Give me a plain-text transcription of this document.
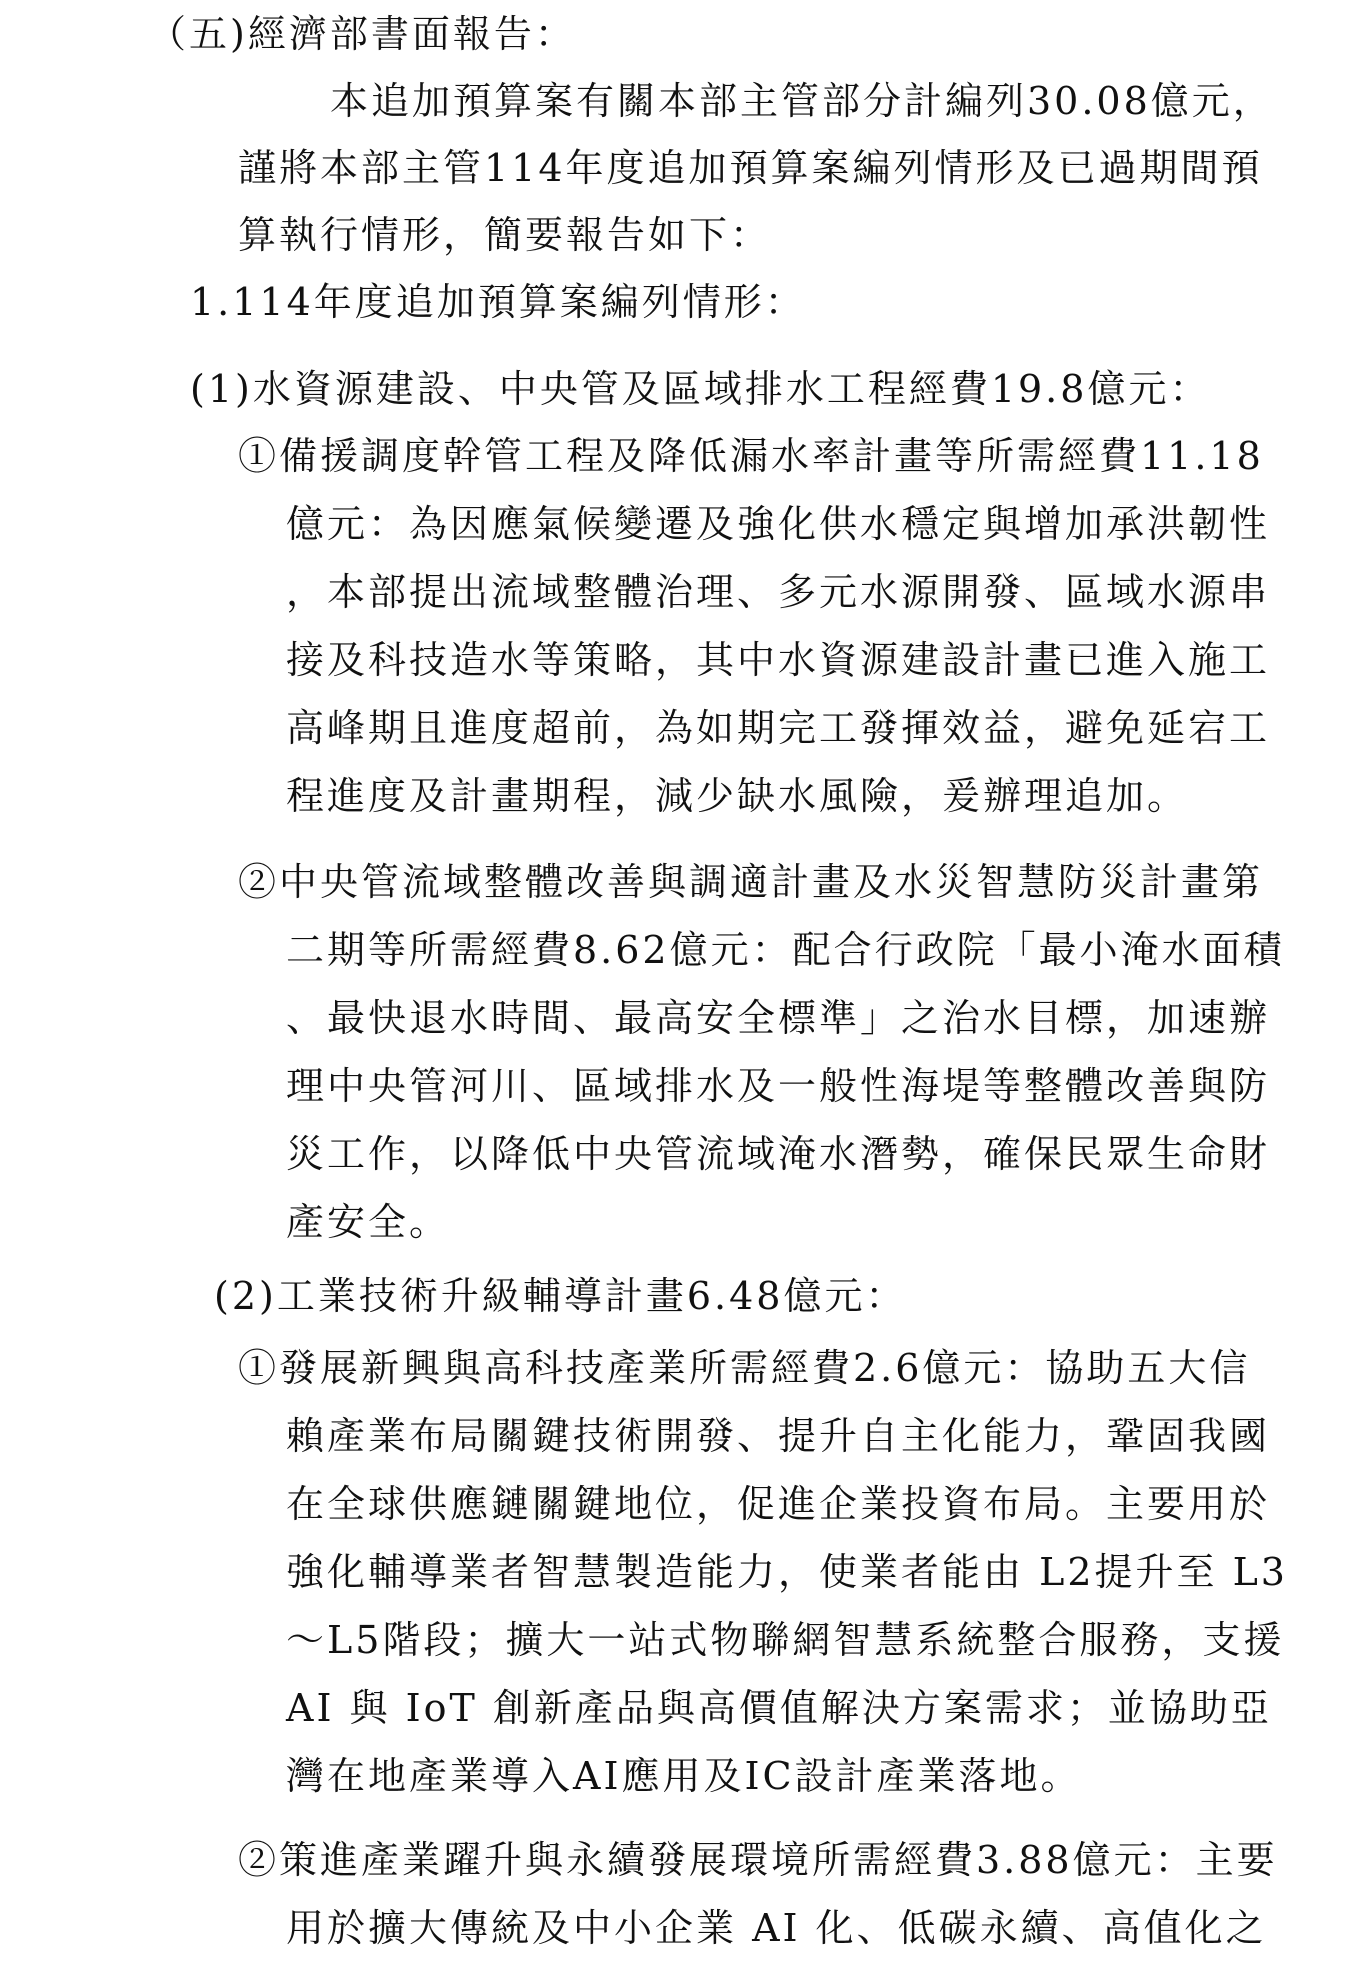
（五)經濟部書面報告：
本追加預算案有關本部主管部分計編列30.08億元，
謹將本部主管114年度追加預算案編列情形及已過期間預
算執行情形，簡要報告如下：
1.114年度追加預算案編列情形：
(1)水資源建設、中央管及區域排水工程經費19.8億元：
①備援調度幹管工程及降低漏水率計畫等所需經費11.18
億元：為因應氣候變遷及強化供水穩定與增加承洪韌性
，本部提出流域整體治理、多元水源開發、區域水源串
接及科技造水等策略，其中水資源建設計畫已進入施工
高峰期且進度超前，為如期完工發揮效益，避免延宕工
程進度及計畫期程，減少缺水風險，爰辦理追加。
②中央管流域整體改善與調適計畫及水災智慧防災計畫第
二期等所需經費8.62億元：配合行政院「最小淹水面積
、最快退水時間、最高安全標準」之治水目標，加速辦
理中央管河川、區域排水及一般性海堤等整體改善與防
災工作，以降低中央管流域淹水潛勢，確保民眾生命財
產安全。
(2)工業技術升級輔導計畫6.48億元：
①發展新興與高科技產業所需經費2.6億元：協助五大信
賴產業布局關鍵技術開發、提升自主化能力，鞏固我國
在全球供應鏈關鍵地位，促進企業投資布局。主要用於
強化輔導業者智慧製造能力，使業者能由 L2提升至 L3
～L5階段；擴大一站式物聯網智慧系統整合服務，支援
AI 與 IoT 創新產品與高價值解決方案需求；並協助亞
灣在地產業導入AI應用及IC設計產業落地。
②策進產業躍升與永續發展環境所需經費3.88億元：主要
用於擴大傳統及中小企業 AI 化、低碳永續、高值化之
